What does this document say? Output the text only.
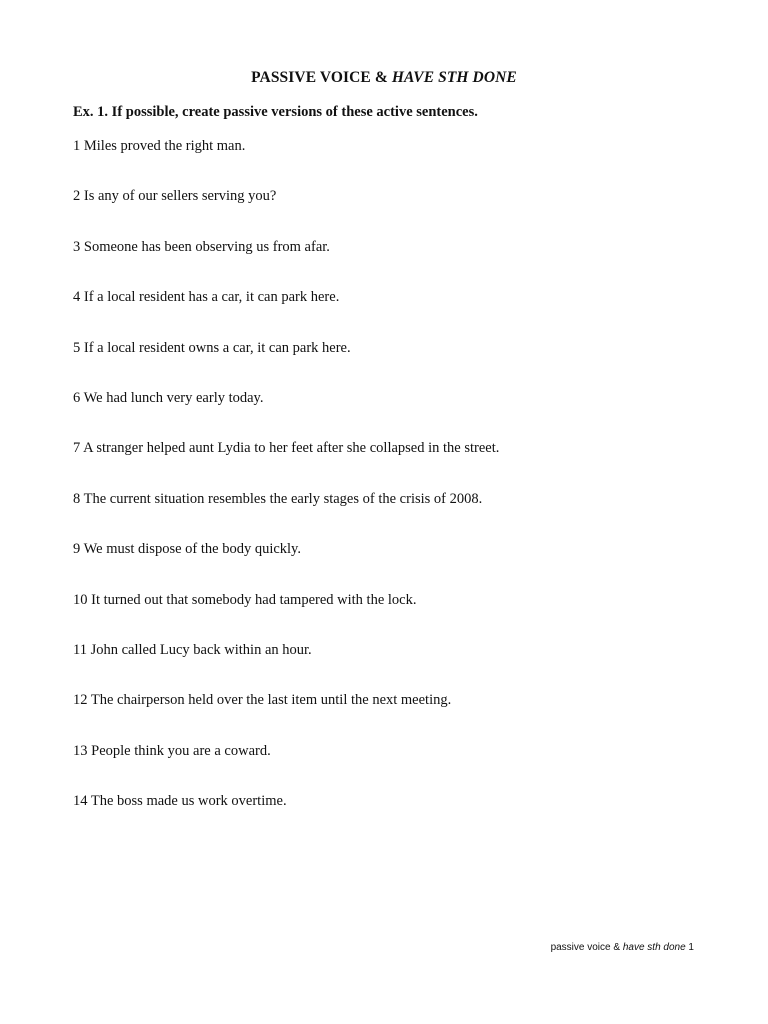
PASSIVE VOICE & HAVE STH DONE
Ex. 1. If possible, create passive versions of these active sentences.
1 Miles proved the right man.
2 Is any of our sellers serving you?
3 Someone has been observing us from afar.
4 If a local resident has a car, it can park here.
5 If a local resident owns a car, it can park here.
6 We had lunch very early today.
7 A stranger helped aunt Lydia to her feet after she collapsed in the street.
8 The current situation resembles the early stages of the crisis of 2008.
9 We must dispose of the body quickly.
10 It turned out that somebody had tampered with the lock.
11 John called Lucy back within an hour.
12 The chairperson held over the last item until the next meeting.
13 People think you are a coward.
14 The boss made us work overtime.
passive voice & have sth done 1
